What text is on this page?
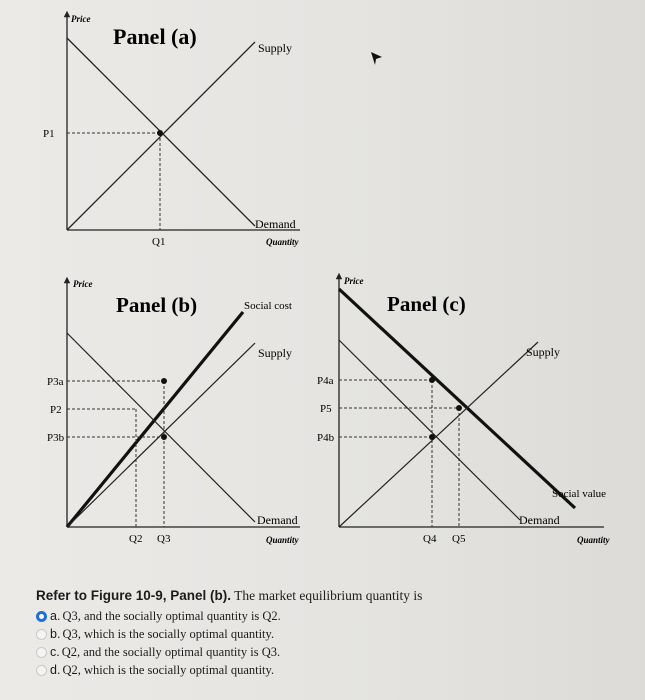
Price
Panel (a)	Supply
Demand
P1
Q1	Quantity
Price
Panel (b)	Social cost
Supply
Demand
P3a
P2
P3b
Q2 Q3	Quantity
Price
Panel (c)
Supply
Social value
Demand
P4a
P5
P4b
Q4 Q5	Quantity

Refer to Figure 10-9, Panel (b). The market equilibrium quantity is

a. Q3, and the socially optimal quantity is Q2.
b. Q3, which is the socially optimal quantity.
c. Q2, and the socially optimal quantity is Q3.
d. Q2, which is the socially optimal quantity.
